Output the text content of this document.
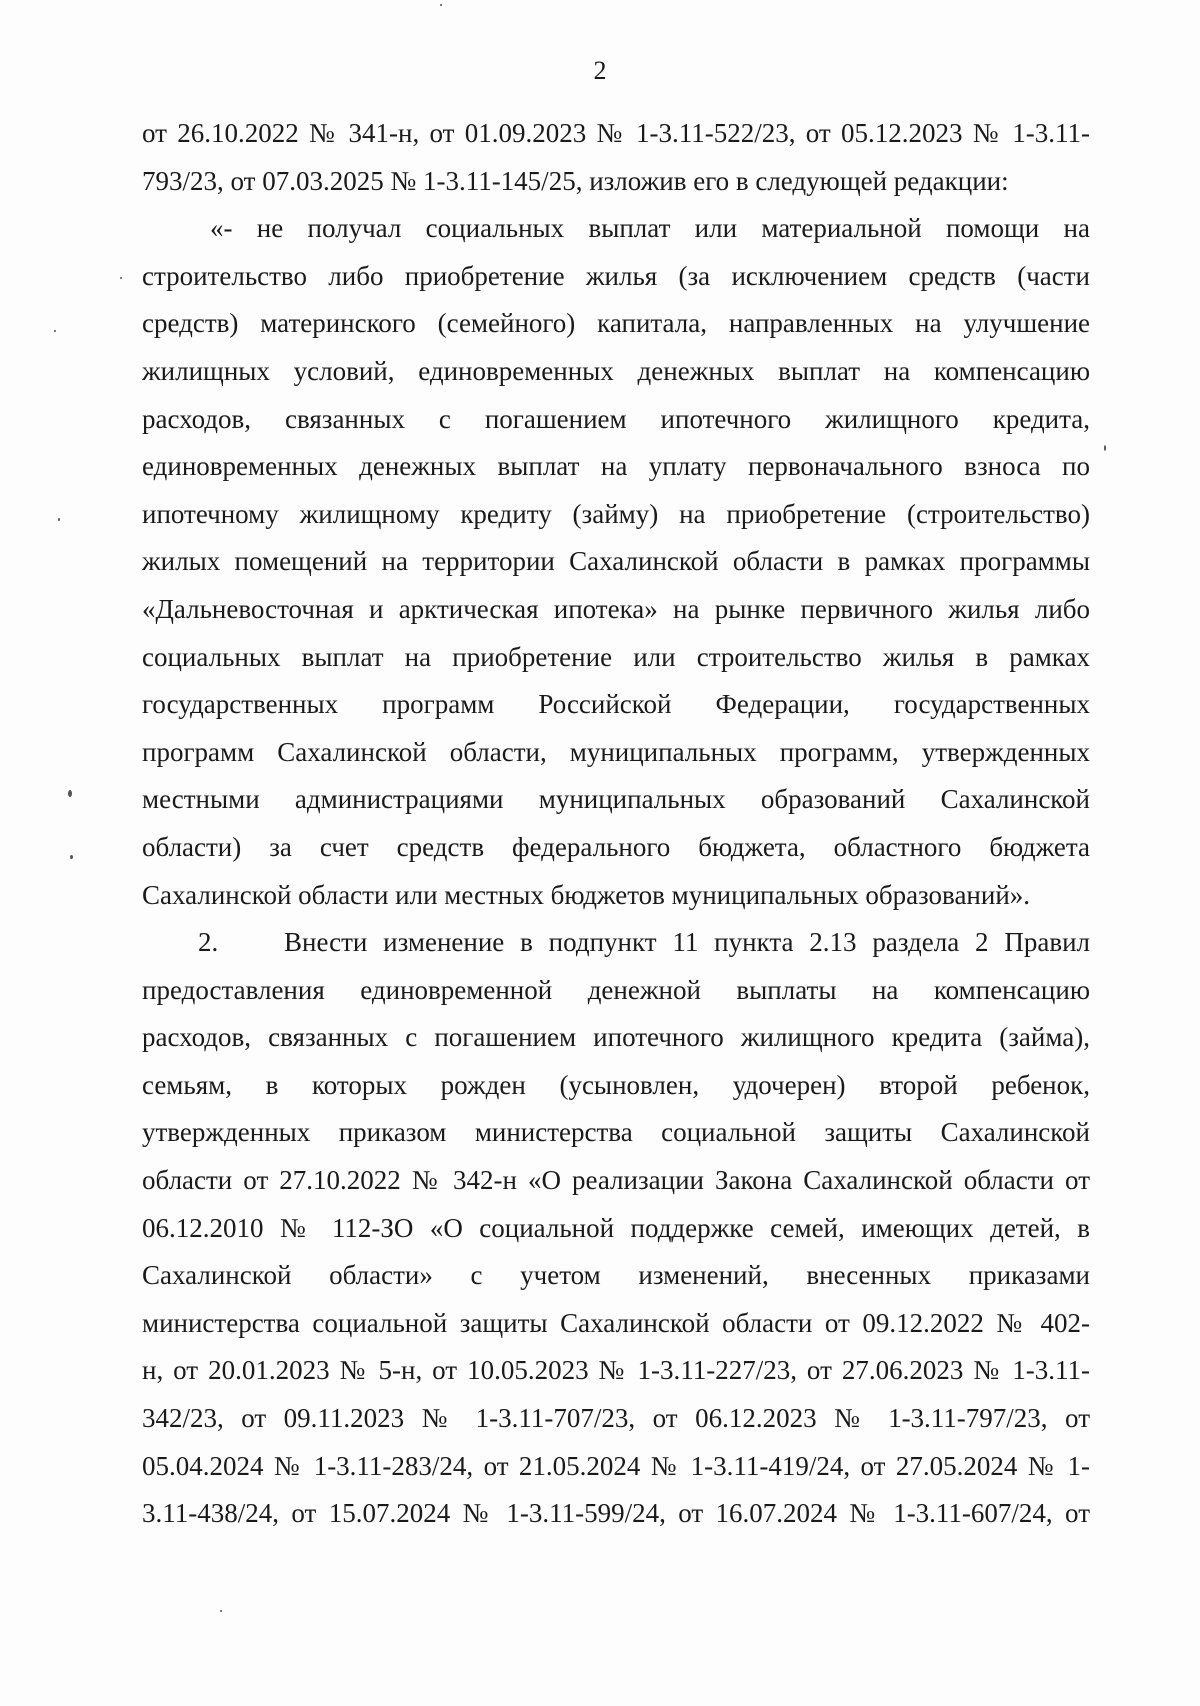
2
от 26.10.2022 № 341-н, от 01.09.2023 № 1-3.11-522/23, от 05.12.2023 № 1-3.11-
793/23, от 07.03.2025 № 1-3.11-145/25, изложив его в следующей редакции:
«- не получал социальных выплат или материальной помощи на
строительство либо приобретение жилья (за исключением средств (части
средств) материнского (семейного) капитала, направленных на улучшение
жилищных условий, единовременных денежных выплат на компенсацию
расходов, связанных с погашением ипотечного жилищного кредита,
единовременных денежных выплат на уплату первоначального взноса по
ипотечному жилищному кредиту (займу) на приобретение (строительство)
жилых помещений на территории Сахалинской области в рамках программы
«Дальневосточная и арктическая ипотека» на рынке первичного жилья либо
социальных выплат на приобретение или строительство жилья в рамках
государственных программ Российской Федерации, государственных
программ Сахалинской области, муниципальных программ, утвержденных
местными администрациями муниципальных образований Сахалинской
области) за счет средств федерального бюджета, областного бюджета
Сахалинской области или местных бюджетов муниципальных образований».
2. Внести изменение в подпункт 11 пункта 2.13 раздела 2 Правил
предоставления единовременной денежной выплаты на компенсацию
расходов, связанных с погашением ипотечного жилищного кредита (займа),
семьям, в которых рожден (усыновлен, удочерен) второй ребенок,
утвержденных приказом министерства социальной защиты Сахалинской
области от 27.10.2022 № 342-н «О реализации Закона Сахалинской области от
06.12.2010 № 112-ЗО «О социальной поддержке семей, имеющих детей, в
Сахалинской области» с учетом изменений, внесенных приказами
министерства социальной защиты Сахалинской области от 09.12.2022 № 402-
н, от 20.01.2023 № 5-н, от 10.05.2023 № 1-3.11-227/23, от 27.06.2023 № 1-3.11-
342/23, от 09.11.2023 № 1-3.11-707/23, от 06.12.2023 № 1-3.11-797/23, от
05.04.2024 № 1-3.11-283/24, от 21.05.2024 № 1-3.11-419/24, от 27.05.2024 № 1-
3.11-438/24, от 15.07.2024 № 1-3.11-599/24, от 16.07.2024 № 1-3.11-607/24, от
